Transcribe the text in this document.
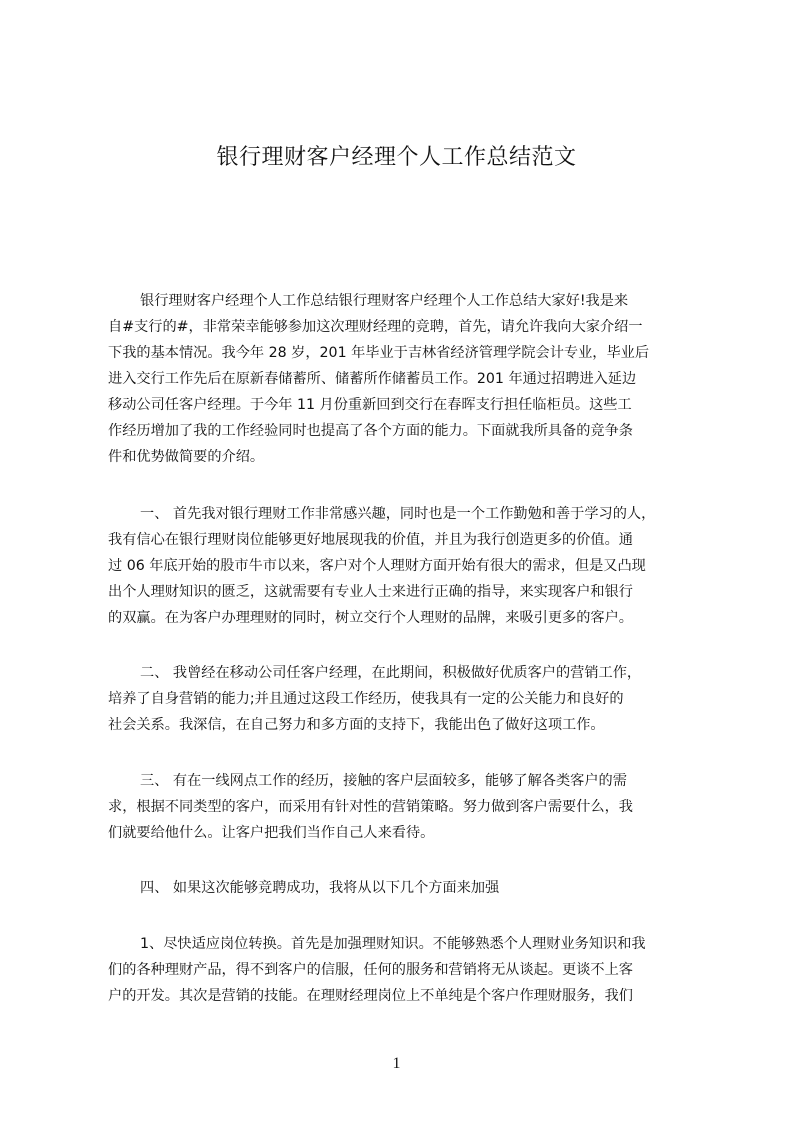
银行理财客户经理个人工作总结范文
银行理财客户经理个人工作总结银行理财客户经理个人工作总结大家好!我是来
自#支行的#，非常荣幸能够参加这次理财经理的竞聘，首先，请允许我向大家介绍一
下我的基本情况。我今年 28 岁，201 年毕业于吉林省经济管理学院会计专业，毕业后
进入交行工作先后在原新春储蓄所、储蓄所作储蓄员工作。201 年通过招聘进入延边
移动公司任客户经理。于今年 11 月份重新回到交行在春晖支行担任临柜员。这些工
作经历增加了我的工作经验同时也提高了各个方面的能力。下面就我所具备的竞争条
件和优势做简要的介绍。
一、 首先我对银行理财工作非常感兴趣，同时也是一个工作勤勉和善于学习的人，
我有信心在银行理财岗位能够更好地展现我的价值，并且为我行创造更多的价值。通
过 06 年底开始的股市牛市以来，客户对个人理财方面开始有很大的需求，但是又凸现
出个人理财知识的匮乏，这就需要有专业人士来进行正确的指导，来实现客户和银行
的双赢。在为客户办理理财的同时，树立交行个人理财的品牌，来吸引更多的客户。
二、 我曾经在移动公司任客户经理，在此期间，积极做好优质客户的营销工作，
培养了自身营销的能力;并且通过这段工作经历，使我具有一定的公关能力和良好的
社会关系。我深信，在自己努力和多方面的支持下，我能出色了做好这项工作。
三、 有在一线网点工作的经历，接触的客户层面较多，能够了解各类客户的需
求，根据不同类型的客户，而采用有针对性的营销策略。努力做到客户需要什么，我
们就要给他什么。让客户把我们当作自己人来看待。
四、 如果这次能够竞聘成功，我将从以下几个方面来加强
1、尽快适应岗位转换。首先是加强理财知识。不能够熟悉个人理财业务知识和我
们的各种理财产品，得不到客户的信服，任何的服务和营销将无从谈起。更谈不上客
户的开发。其次是营销的技能。在理财经理岗位上不单纯是个客户作理财服务，我们
1
